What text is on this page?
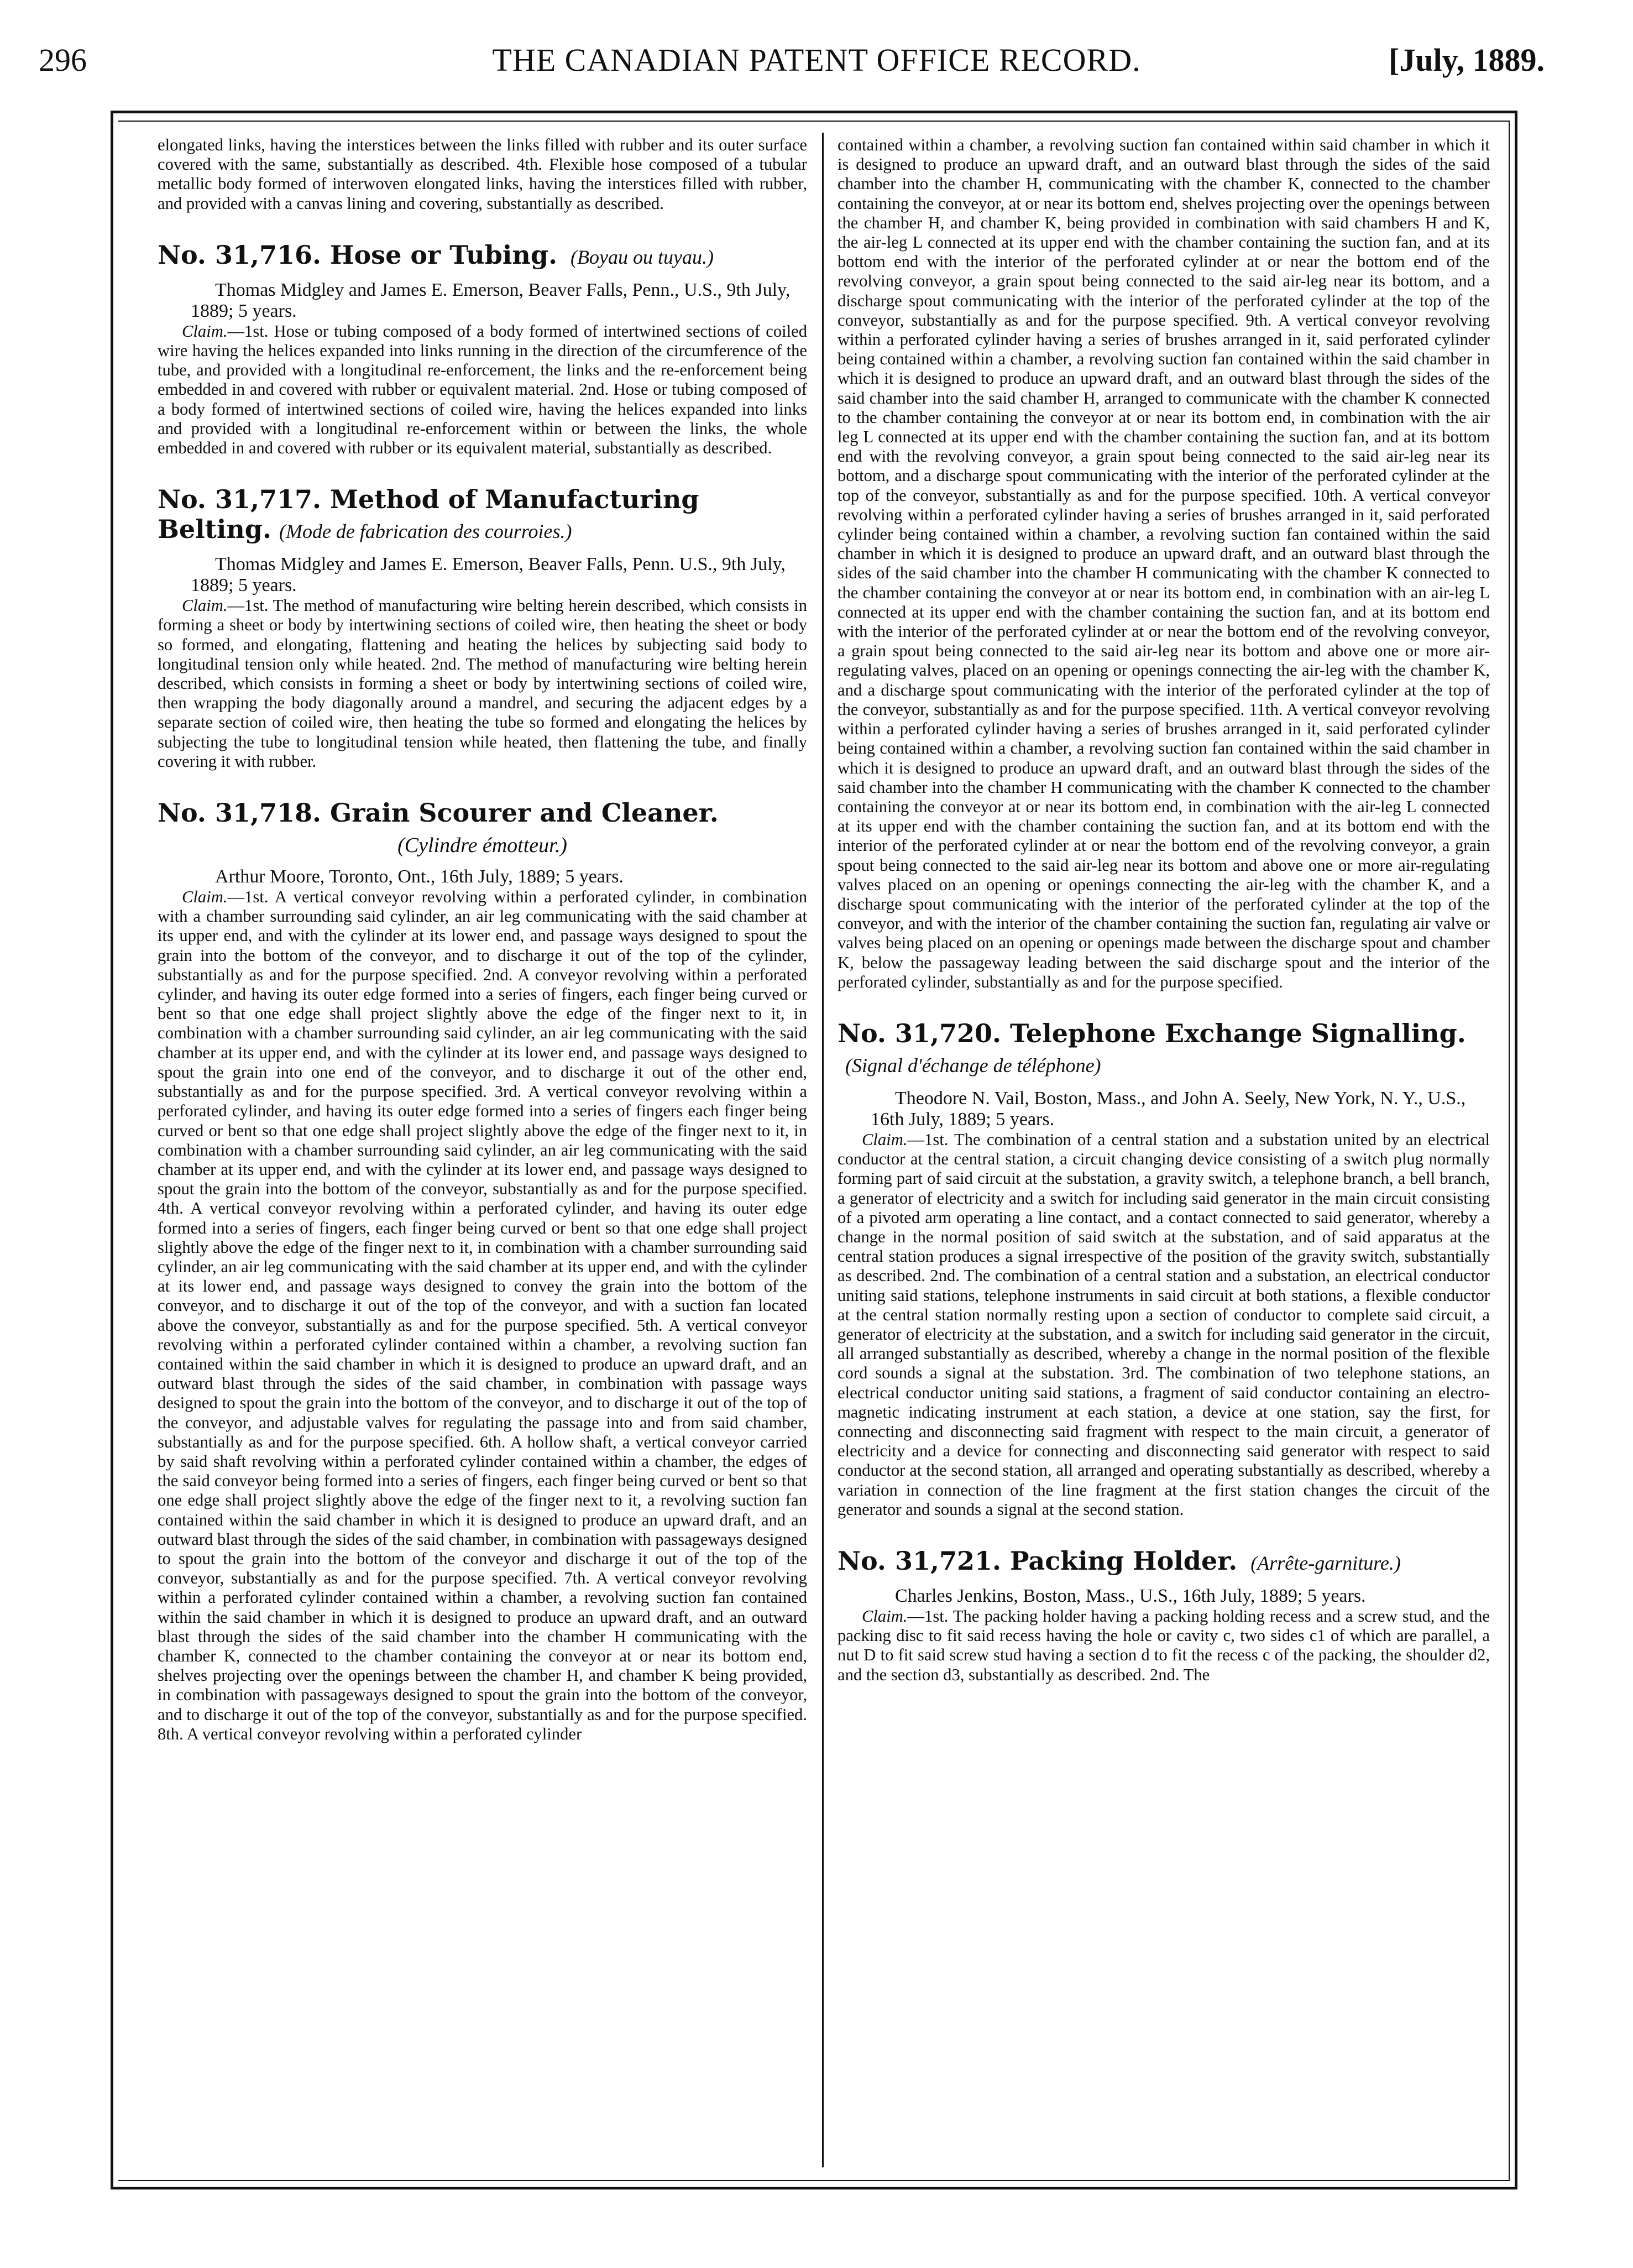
296	THE CANADIAN PATENT OFFICE RECORD.	[July, 1889.

elongated links, having the interstices between the links filled with rubber and its outer surface covered with the same, substantially as described. 4th. Flexible hose composed of a tubular metallic body formed of interwoven elongated links, having the interstices filled with rubber, and provided with a canvas lining and covering, substantially as described.

No. 31,716. Hose or Tubing. (Boyau ou tuyau.)

Thomas Midgley and James E. Emerson, Beaver Falls, Penn., U.S., 9th July, 1889; 5 years.

Claim.—1st. Hose or tubing composed of a body formed of intertwined sections of coiled wire having the helices expanded into links running in the direction of the circumference of the tube, and provided with a longitudinal re-enforcement, the links and the re-enforcement being embedded in and covered with rubber or equivalent material. 2nd. Hose or tubing composed of a body formed of intertwined sections of coiled wire, having the helices expanded into links and provided with a longitudinal re-enforcement within or between the links, the whole embedded in and covered with rubber or its equivalent material, substantially as described.

No. 31,717. Method of Manufacturing Belting. (Mode de fabrication des courroies.)

Thomas Midgley and James E. Emerson, Beaver Falls, Penn. U.S., 9th July, 1889; 5 years.

Claim.—1st. The method of manufacturing wire belting herein described, which consists in forming a sheet or body by intertwining sections of coiled wire, then heating the sheet or body so formed, and elongating, flattening and heating the helices by subjecting said body to longitudinal tension only while heated. 2nd. The method of manufacturing wire belting herein described, which consists in forming a sheet or body by intertwining sections of coiled wire, then wrapping the body diagonally around a mandrel, and securing the adjacent edges by a separate section of coiled wire, then heating the tube so formed and elongating the helices by subjecting the tube to longitudinal tension while heated, then flattening the tube, and finally covering it with rubber.

No. 31,718. Grain Scourer and Cleaner.
(Cylindre émotteur.)

Arthur Moore, Toronto, Ont., 16th July, 1889; 5 years.

Claim.—1st. A vertical conveyor revolving within a perforated cylinder, in combination with a chamber surrounding said cylinder, an air leg communicating with the said chamber at its upper end, and with the cylinder at its lower end, and passage ways designed to spout the grain into the bottom of the conveyor, and to discharge it out of the top of the cylinder, substantially as and for the purpose specified. 2nd. A conveyor revolving within a perforated cylinder, and having its outer edge formed into a series of fingers, each finger being curved or bent so that one edge shall project slightly above the edge of the finger next to it, in combination with a chamber surrounding said cylinder, an air leg communicating with the said chamber at its upper end, and with the cylinder at its lower end, and passage ways designed to spout the grain into one end of the conveyor, and to discharge it out of the other end, substantially as and for the purpose specified. 3rd. A vertical conveyor revolving within a perforated cylinder, and having its outer edge formed into a series of fingers each finger being curved or bent so that one edge shall project slightly above the edge of the finger next to it, in combination with a chamber surrounding said cylinder, an air leg communicating with the said chamber at its upper end, and with the cylinder at its lower end, and passage ways designed to spout the grain into the bottom of the conveyor, substantially as and for the purpose specified. 4th. A vertical conveyor revolving within a perforated cylinder, and having its outer edge formed into a series of fingers, each finger being curved or bent so that one edge shall project slightly above the edge of the finger next to it, in combination with a chamber surrounding said cylinder, an air leg communicating with the said chamber at its upper end, and with the cylinder at its lower end, and passage ways designed to convey the grain into the bottom of the conveyor, and to discharge it out of the top of the conveyor, and with a suction fan located above the conveyor, substantially as and for the purpose specified. 5th. A vertical conveyor revolving within a perforated cylinder contained within a chamber, a revolving suction fan contained within the said chamber in which it is designed to produce an upward draft, and an outward blast through the sides of the said chamber, in combination with passage ways designed to spout the grain into the bottom of the conveyor, and to discharge it out of the top of the conveyor, and adjustable valves for regulating the passage into and from said chamber, substantially as and for the purpose specified. 6th. A hollow shaft, a vertical conveyor carried by said shaft revolving within a perforated cylinder contained within a chamber, the edges of the said conveyor being formed into a series of fingers, each finger being curved or bent so that one edge shall project slightly above the edge of the finger next to it, a revolving suction fan contained within the said chamber in which it is designed to produce an upward draft, and an outward blast through the sides of the said chamber, in combination with passageways designed to spout the grain into the bottom of the conveyor and discharge it out of the top of the conveyor, substantially as and for the purpose specified. 7th. A vertical conveyor revolving within a perforated cylinder contained within a chamber, a revolving suction fan contained within the said chamber in which it is designed to produce an upward draft, and an outward blast through the sides of the said chamber into the chamber H communicating with the chamber K, connected to the chamber containing the conveyor at or near its bottom end, shelves projecting over the openings between the chamber H, and chamber K being provided, in combination with passageways designed to spout the grain into the bottom of the conveyor, and to discharge it out of the top of the conveyor, substantially as and for the purpose specified. 8th. A vertical conveyor revolving within a perforated cylinder

contained within a chamber, a revolving suction fan contained within said chamber in which it is designed to produce an upward draft, and an outward blast through the sides of the said chamber into the chamber H, communicating with the chamber K, connected to the chamber containing the conveyor, at or near its bottom end, shelves projecting over the openings between the chamber H, and chamber K, being provided in combination with said chambers H and K, the air-leg L connected at its upper end with the chamber containing the suction fan, and at its bottom end with the interior of the perforated cylinder at or near the bottom end of the revolving conveyor, a grain spout being connected to the said air-leg near its bottom, and a discharge spout communicating with the interior of the perforated cylinder at the top of the conveyor, substantially as and for the purpose specified. 9th. A vertical conveyor revolving within a perforated cylinder having a series of brushes arranged in it, said perforated cylinder being contained within a chamber, a revolving suction fan contained within the said chamber in which it is designed to produce an upward draft, and an outward blast through the sides of the said chamber into the said chamber H, arranged to communicate with the chamber K connected to the chamber containing the conveyor at or near its bottom end, in combination with the air leg L connected at its upper end with the chamber containing the suction fan, and at its bottom end with the revolving conveyor, a grain spout being connected to the said air-leg near its bottom, and a discharge spout communicating with the interior of the perforated cylinder at the top of the conveyor, substantially as and for the purpose specified. 10th. A vertical conveyor revolving within a perforated cylinder having a series of brushes arranged in it, said perforated cylinder being contained within a chamber, a revolving suction fan contained within the said chamber in which it is designed to produce an upward draft, and an outward blast through the sides of the said chamber into the chamber H communicating with the chamber K connected to the chamber containing the conveyor at or near its bottom end, in combination with an air-leg L connected at its upper end with the chamber containing the suction fan, and at its bottom end with the interior of the perforated cylinder at or near the bottom end of the revolving conveyor, a grain spout being connected to the said air-leg near its bottom and above one or more air-regulating valves, placed on an opening or openings connecting the air-leg with the chamber K, and a discharge spout communicating with the interior of the perforated cylinder at the top of the conveyor, substantially as and for the purpose specified. 11th. A vertical conveyor revolving within a perforated cylinder having a series of brushes arranged in it, said perforated cylinder being contained within a chamber, a revolving suction fan contained within the said chamber in which it is designed to produce an upward draft, and an outward blast through the sides of the said chamber into the chamber H communicating with the chamber K connected to the chamber containing the conveyor at or near its bottom end, in combination with the air-leg L connected at its upper end with the chamber containing the suction fan, and at its bottom end with the interior of the perforated cylinder at or near the bottom end of the revolving conveyor, a grain spout being connected to the said air-leg near its bottom and above one or more air-regulating valves placed on an opening or openings connecting the air-leg with the chamber K, and a discharge spout communicating with the interior of the perforated cylinder at the top of the conveyor, and with the interior of the chamber containing the suction fan, regulating air valve or valves being placed on an opening or openings made between the discharge spout and chamber K, below the passageway leading between the said discharge spout and the interior of the perforated cylinder, substantially as and for the purpose specified.

No. 31,720. Telephone Exchange Signalling.(Signal d'échange de téléphone)

Theodore N. Vail, Boston, Mass., and John A. Seely, New York, N. Y., U.S., 16th July, 1889; 5 years.

Claim.—1st. The combination of a central station and a substation united by an electrical conductor at the central station, a circuit changing device consisting of a switch plug normally forming part of said circuit at the substation, a gravity switch, a telephone branch, a bell branch, a generator of electricity and a switch for including said generator in the main circuit consisting of a pivoted arm operating a line contact, and a contact connected to said generator, whereby a change in the normal position of said switch at the substation, and of said apparatus at the central station produces a signal irrespective of the position of the gravity switch, substantially as described. 2nd. The combination of a central station and a substation, an electrical conductor uniting said stations, telephone instruments in said circuit at both stations, a flexible conductor at the central station normally resting upon a section of conductor to complete said circuit, a generator of electricity at the substation, and a switch for including said generator in the circuit, all arranged substantially as described, whereby a change in the normal position of the flexible cord sounds a signal at the substation. 3rd. The combination of two telephone stations, an electrical conductor uniting said stations, a fragment of said conductor containing an electro-magnetic indicating instrument at each station, a device at one station, say the first, for connecting and disconnecting said fragment with respect to the main circuit, a generator of electricity and a device for connecting and disconnecting said generator with respect to said conductor at the second station, all arranged and operating substantially as described, whereby a variation in connection of the line fragment at the first station changes the circuit of the generator and sounds a signal at the second station.

No. 31,721. Packing Holder. (Arrête-garniture.)

Charles Jenkins, Boston, Mass., U.S., 16th July, 1889; 5 years.

Claim.—1st. The packing holder having a packing holding recess and a screw stud, and the packing disc to fit said recess having the hole or cavity c, two sides c1 of which are parallel, a nut D to fit said screw stud having a section d to fit the recess c of the packing, the shoulder d2, and the section d3, substantially as described. 2nd. The
